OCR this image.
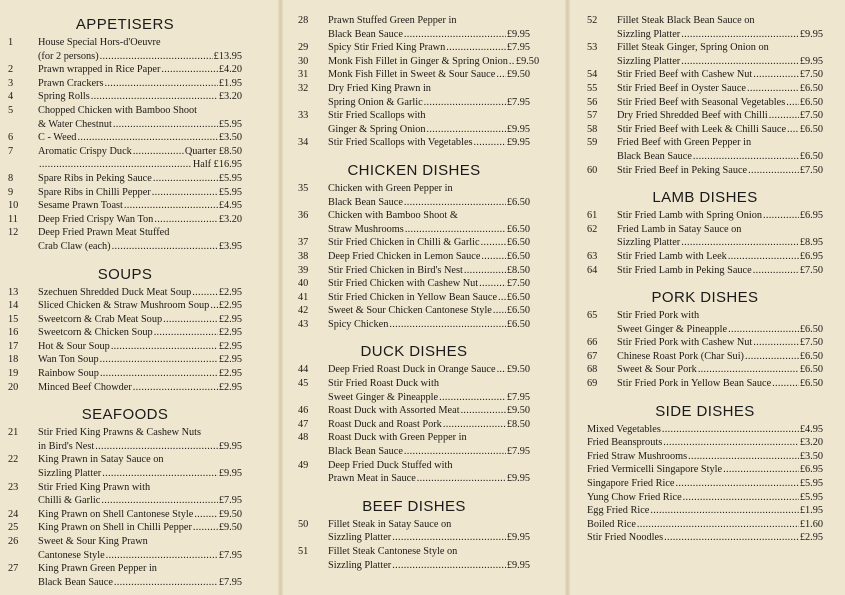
APPETISERS
1	House Special Hors-d'Oeuvre
(for 2 persons) .....	£13.95
2	Prawn wrapped in Rice Paper .....	£4.20
3	Prawn Crackers .....	£1.95
4	Spring Rolls .....	£3.20
5	Chopped Chicken with Bamboo Shoot
& Water Chestnut .....	£5.95
6	C - Weed .....	£3.50
7	Aromatic Crispy Duck .....	Quarter £8.50
.....
Half £16.95
8	Spare Ribs in Peking Sauce .....	£5.95
9	Spare Ribs in Chilli Pepper .....	£5.95
10	Sesame Prawn Toast .....	£4.95
11	Deep Fried Crispy Wan Ton .....	£3.20
12	Deep Fried Prawn Meat Stuffed
Crab Claw (each) .....	£3.95
SOUPS
13	Szechuen Shredded Duck Meat Soup .....	£2.95
14	Sliced Chicken & Straw Mushroom Soup ..... £2.95
15	Sweetcorn & Crab Meat Soup .....	£2.95
16	Sweetcorn & Chicken Soup .....	£2.95
17	Hot & Sour Soup .....	£2.95
18	Wan Ton Soup .....	£2.95
19	Rainbow Soup .....	£2.95
20	Minced Beef Chowder .....	£2.95
SEAFOODS
21	Stir Fried King Prawns & Cashew Nuts
in Bird's Nest .....	£9.95
22	King Prawn in Satay Sauce on
Sizzling Platter .....	£9.95
23	Stir Fried King Prawn with
Chilli & Garlic .....	£7.95
24	King Prawn on Shell Cantonese Style ..... £9.50
25	King Prawn on Shell in Chilli Pepper .....	£9.50
26	Sweet & Sour King Prawn
Cantonese Style .....	£7.95
27	King Prawn Green Pepper in
Black Bean Sauce .....	£7.95
28	Prawn Stuffed Green Pepper in
Black Bean Sauce .....	£9.95
29	Spicy Stir Fried King Prawn .....	£7.95
30	Monk Fish Fillet in Ginger & Spring Onion ..... £9.50
31	Monk Fish Fillet in Sweet & Sour Sauce ..... £9.50
32	Dry Fried King Prawn in
Spring Onion & Garlic .....	£7.95
33	Stir Fried Scallops with
Ginger & Spring Onion .....	£9.95
34	Stir Fried Scallops with Vegetables .....	£9.95
CHICKEN DISHES
35	Chicken with Green Pepper in
Black Bean Sauce .....	£6.50
36	Chicken with Bamboo Shoot &
Straw Mushrooms .....	£6.50
37	Stir Fried Chicken in Chilli & Garlic .....	£6.50
38	Deep Fried Chicken in Lemon Sauce .....	£6.50
39	Stir Fried Chicken in Bird's Nest .....	£8.50
40	Stir Fried Chicken with Cashew Nut .....	£7.50
41	Stir Fried Chicken in Yellow Bean Sauce ..... £6.50
42	Sweet & Sour Chicken Cantonese Style ..... £6.50
43	Spicy Chicken .....	£6.50
DUCK DISHES
44	Deep Fried Roast Duck in Orange Sauce ..... £9.50
45	Stir Fried Roast Duck with
Sweet Ginger & Pineapple .....	£7.95
46	Roast Duck with Assorted Meat .....	£9.50
47	Roast Duck and Roast Pork .....	£8.50
48	Roast Duck with Green Pepper in
Black Bean Sauce .....	£7.95
49	Deep Fried Duck Stuffed with
Prawn Meat in Sauce .....	£9.95
BEEF DISHES
50	Fillet Steak in Satay Sauce on
Sizzling Platter .....	£9.95
51	Fillet Steak Cantonese Style on
Sizzling Platter .....	£9.95
52	Fillet Steak Black Bean Sauce on
Sizzling Platter .....	£9.95
53	Fillet Steak Ginger, Spring Onion on
Sizzling Platter .....	£9.95
54	Stir Fried Beef with Cashew Nut .....	£7.50
55	Stir Fried Beef in Oyster Sauce .....	£6.50
56	Stir Fried Beef with Seasonal Vegetables ..... £6.50
57	Dry Fried Shredded Beef with Chilli .....	£7.50
58	Stir Fried Beef with Leek & Chilli Sauce ..... £6.50
59	Fried Beef with Green Pepper in
Black Bean Sauce .....	£6.50
60	Stir Fried Beef in Peking Sauce .....	£7.50
LAMB DISHES
61	Stir Fried Lamb with Spring Onion .....	£6.95
62	Fried Lamb in Satay Sauce on
Sizzling Platter .....	£8.95
63	Stir Fried Lamb with Leek .....	£6.95
64	Stir Fried Lamb in Peking Sauce .....	£7.50
PORK DISHES
65	Stir Fried Pork with
Sweet Ginger & Pineapple .....	£6.50
66	Stir Fried Pork with Cashew Nut .....	£7.50
67	Chinese Roast Pork (Char Sui) .....	£6.50
68	Sweet & Sour Pork .....	£6.50
69	Stir Fried Pork in Yellow Bean Sauce .....	£6.50
SIDE DISHES
Mixed Vegetables .....	£4.95
Fried Beansprouts .....	£3.20
Fried Straw Mushrooms .....	£3.50
Fried Vermicelli Singapore Style .....	£6.95
Singapore Fried Rice .....	£5.95
Yung Chow Fried Rice .....	£5.95
Egg Fried Rice .....	£1.95
Boiled Rice .....	£1.60
Stir Fried Noodles .....	£2.95
